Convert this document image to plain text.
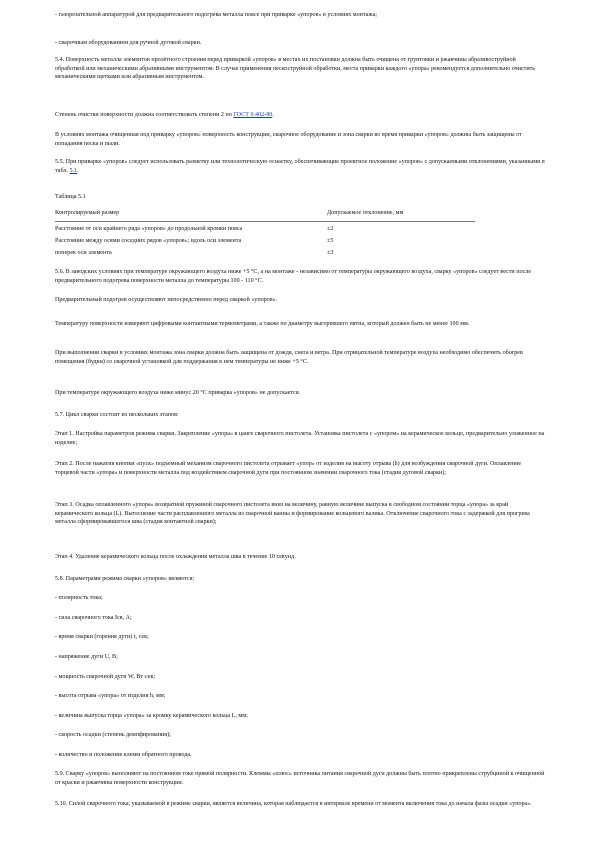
- газорезательной аппаратурой для предварительного подогрева металла поясе при приварке «упоров» в условиях монтажа;

- сварочным оборудованием для ручной дуговой сварки.

5.4. Поверхность металла элементов пролётного строения перед приваркой «упоров» в местах их постановки должна быть очищена от грунтовки и ржавчины абразивоструйной обработкой или механическими абразивными инструментом. В случае применения пескоструйной обработки, места приварки каждого «упора» рекомендуется дополнительно очистить механическими щетками или абразивным инструментом.

Степень очистки поверхности должна соответствовать степени 2 по ГОСТ 9.402-80.

В условиях монтажа очищенная под приварку «упоров» поверхность конструкции, сварочное оборудование и зона сварки во время приварки «упоров» должны быть защищены от попадания песка и пыли.

5.5. При приварке «упоров» следует использовать разметку или технологическую оснастку, обеспечивающие проектное положение «упоров» с допускаемыми отклонениями, указанными в табл. 5.1.

Таблица 5.1

Контролируемый размер	Допускаемое отклонение, мм
Расстояние от оси крайнего ряда «упоров» до продольной кромки пояса	±2
Расстояние между осями соседних рядов «упоров»; вдоль оси элемента	±5
поперек оси элемента	±3

5.6. В заводских условиях при температуре окружающего воздуха ниже +5 °С, а на монтаже - независимо от температуры окружающего воздуха, сварку «упоров» следует вести после предварительного подогрева поверхности металла до температуры 100 - 110 °С.

Предварительный подогрев осуществляют непосредственно перед сваркой «упоров».

Температуру поверхности измеряют цифровыми контактными термометрами, а также по диаметру выгоревшего пятна, который должен быть не менее 100 мм.

При выполнении сварки в условиях монтажа зона сварки должна быть защищена от дождя, снега и ветра. При отрицательной температуре воздуха необходимо обеспечить обогрев помещения (будки) со сварочной установкой для поддержания в нем температуры не ниже +5 °С.

При температуре окружающего воздуха ниже минус 20 °С приварка «упоров» не допускается.

5.7. Цикл сварки состоит из нескольких этапов:

Этап 1. Настройка параметров режима сварки. Закрепление «упора» в цанге сварочного пистолета. Установка пистолета с «упором» на керамическое кольцо, предварительно уложенное на изделие;

Этап 2. После нажатия кнопки «пуск» подъемный механизм сварочного пистолета отрывает «упор» от изделия на высоту отрыва (h) для возбуждения сварочной дуги. Оплавление торцевой части «упора» и поверхности металла под воздействием сварочной дуги при постоянном значении сварочного тока (стадия дуговой сварки);

Этап 3. Осадка оплавленного «упора» возвратной пружиной сварочного пистолета вниз на величину, равную величине выпуска в свободном состоянии торца «упора» за край керамического кольца (L). Вытеснение части расплавленного металла из сварочной ванны и формирование кольцевого валика. Отключение сварочного тока с задержкой для прогрева металла сформировавшегося шва (стадия контактной сварки);

Этап 4. Удаление керамического кольца после охлаждения металла шва в течение 10 секунд.

5.8. Параметрами режима сварки «упоров» являются:

- полярность тока;

- сила сварочного тока Iсв, А;

- время сварки (горения дуги) t, сек;

- напряжение дуги U, В;

- мощность сварочной дуги W, Вт·сек;

- высота отрыва «упора» от изделия h, мм;

- величина выпуска торца «упора» за кромку керамического кольца L, мм;

- скорость осадки (степень демпфирования);

- количество и положение клемм обратного провода.

5.9. Сварку «упоров» выполняют на постоянном токе прямой полярности. Клеммы «плюс» источника питания сварочной дуги должны быть плотно прикреплены струбциной к очищенной от краски и ржавчины поверхности конструкции.

5.10. Силой сварочного тока, указываемой в режиме сварки, является величина, которая наблюдается в интервале времени от момента включения тока до начала фазы осадки «упора».
